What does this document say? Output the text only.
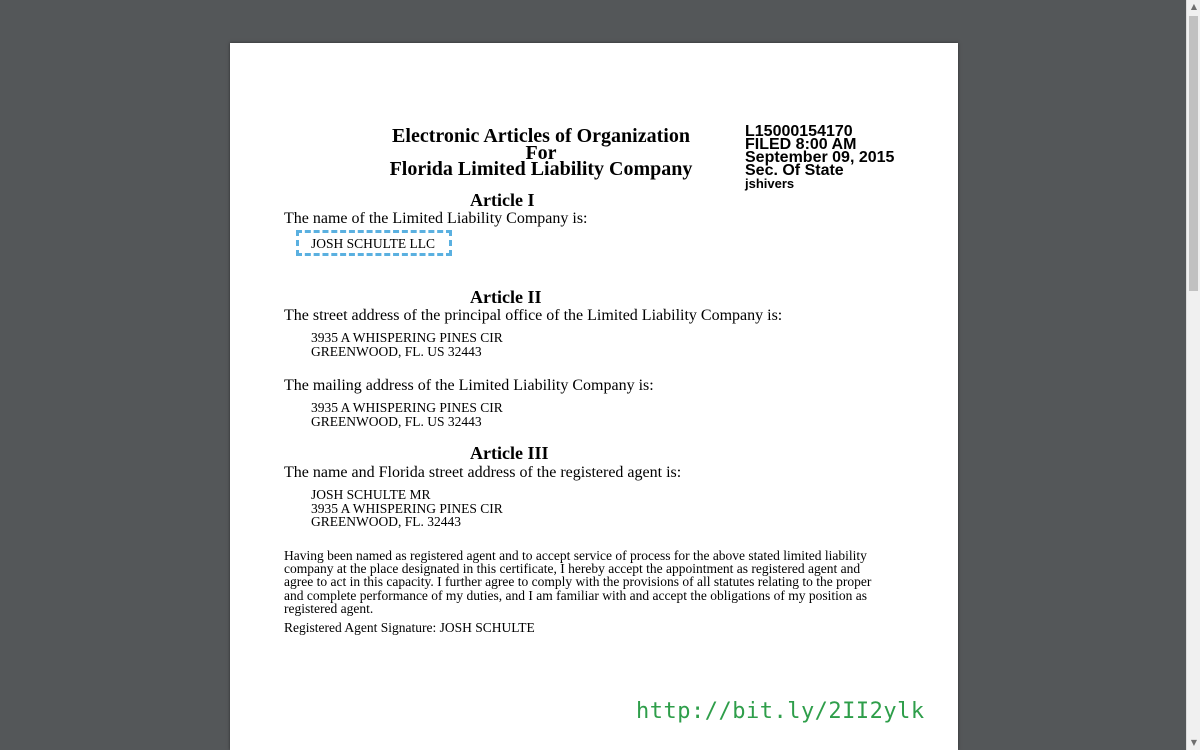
Electronic Articles of Organization
For
Florida Limited Liability Company
L15000154170
FILED 8:00 AM
September 09, 2015
Sec. Of State
jshivers
Article I
The name of the Limited Liability Company is:
JOSH SCHULTE LLC
Article II
The street address of the principal office of the Limited Liability Company is:
3935 A WHISPERING PINES CIR
GREENWOOD, FL. US 32443
The mailing address of the Limited Liability Company is:
3935 A WHISPERING PINES CIR
GREENWOOD, FL. US 32443
Article III
The name and Florida street address of the registered agent is:
JOSH SCHULTE MR
3935 A WHISPERING PINES CIR
GREENWOOD, FL. 32443
Having been named as registered agent and to accept service of process for the above stated limited liability company at the place designated in this certificate, I hereby accept the appointment as registered agent and agree to act in this capacity. I further agree to comply with the provisions of all statutes relating to the proper and complete performance of my duties, and I am familiar with and accept the obligations of my position as registered agent.
Registered Agent Signature: JOSH SCHULTE
http://bit.ly/2II2ylk
▲
▼
